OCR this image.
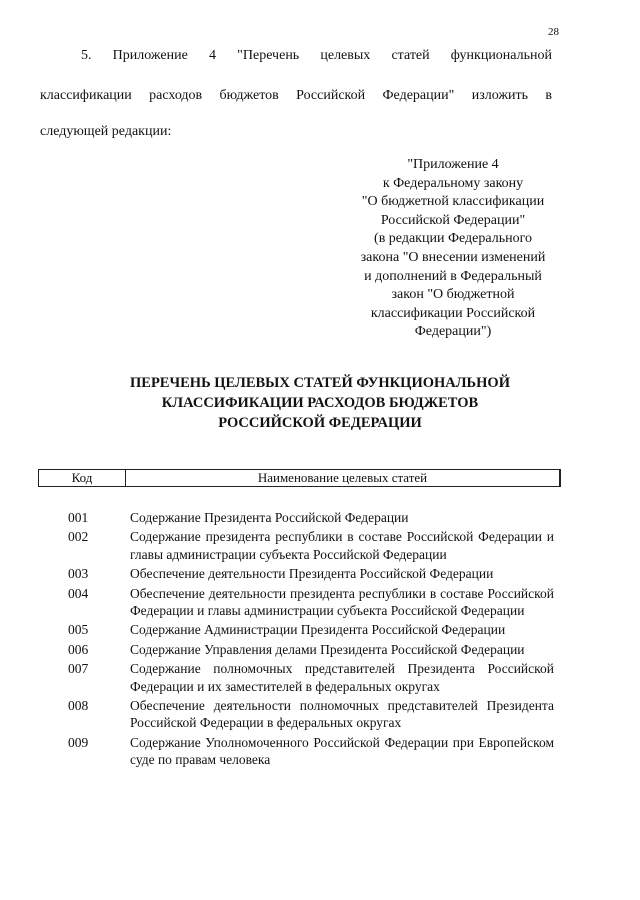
28
5. Приложение 4 "Перечень целевых статей функциональной
классификации расходов бюджетов Российской Федерации" изложить в
следующей редакции:
"Приложение 4
к Федеральному закону
"О бюджетной классификации
Российской Федерации"
(в редакции Федерального
закона "О внесении изменений
и дополнений в Федеральный
закон "О бюджетной
классификации Российской
Федерации")
ПЕРЕЧЕНЬ ЦЕЛЕВЫХ СТАТЕЙ ФУНКЦИОНАЛЬНОЙ
КЛАССИФИКАЦИИ РАСХОДОВ БЮДЖЕТОВ
РОССИЙСКОЙ ФЕДЕРАЦИИ
Код	Наименование целевых статей
001	Содержание Президента Российской Федерации
002	Содержание президента республики в составе Российской Федерации и главы администрации субъекта Российской Федерации
003	Обеспечение деятельности Президента Российской Федерации
004	Обеспечение деятельности президента республики в составе Российской Федерации и главы администрации субъекта Российской Федерации
005	Содержание Администрации Президента Российской Федерации
006	Содержание Управления делами Президента Российской Федерации
007	Содержание полномочных представителей Президента Российской Федерации и их заместителей в федеральных округах
008	Обеспечение деятельности полномочных представителей Президента Российской Федерации в федеральных округах
009	Содержание Уполномоченного Российской Федерации при Европейском суде по правам человека
